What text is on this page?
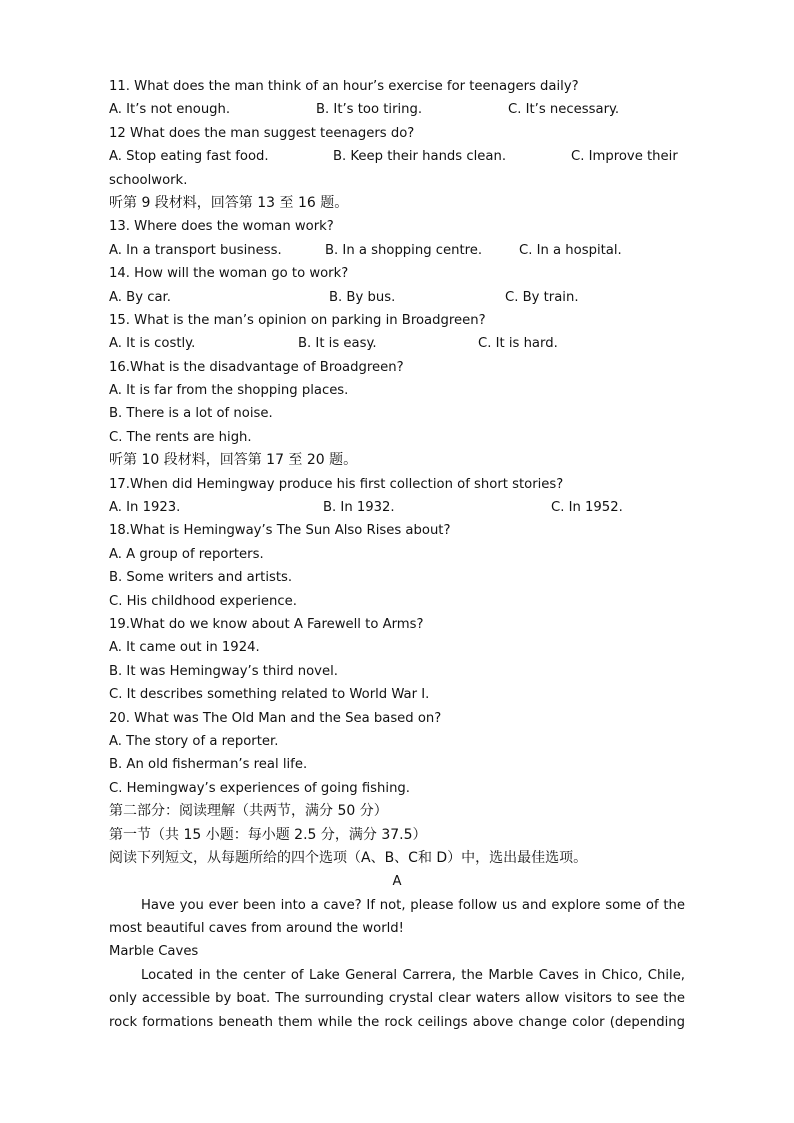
11. What does the man think of an hour’s exercise for teenagers daily?
A. It’s not enough.	B. It’s too tiring.	C. It’s necessary.
12 What does the man suggest teenagers do?
A. Stop eating fast food.	B. Keep their hands clean.	C. Improve their
schoolwork.
听第 9 段材料，回答第 13 至 16 题。
13. Where does the woman work?
A. In a transport business.	B. In a shopping centre.	C. In a hospital.
14. How will the woman go to work?
A. By car.	B. By bus.	C. By train.
15. What is the man’s opinion on parking in Broadgreen?
A. It is costly.	B. It is easy.	C. It is hard.
16.What is the disadvantage of Broadgreen?
A. It is far from the shopping places.
B. There is a lot of noise.
C. The rents are high.
听第 10 段材料，回答第 17 至 20 题。
17.When did Hemingway produce his first collection of short stories?
A. In 1923.	B. In 1932.	C. In 1952.
18.What is Hemingway’s The Sun Also Rises about?
A. A group of reporters.
B. Some writers and artists.
C. His childhood experience.
19.What do we know about A Farewell to Arms?
A. It came out in 1924.
B. It was Hemingway’s third novel.
C. It describes something related to World War I.
20. What was The Old Man and the Sea based on?
A. The story of a reporter.
B. An old fisherman’s real life.
C. Hemingway’s experiences of going fishing.
第二部分：阅读理解（共两节，满分 50 分）
第一节（共 15 小题：每小题 2.5 分，满分 37.5）
阅读下列短文，从每题所给的四个选项（A、B、C和 D）中，选出最佳选项。
A
Have you ever been into a cave? If not, please follow us and explore some of the
most beautiful caves from around the world!
Marble Caves
Located in the center of Lake General Carrera, the Marble Caves in Chico, Chile,
only accessible by boat. The surrounding crystal clear waters allow visitors to see the
rock formations beneath them while the rock ceilings above change color (depending
